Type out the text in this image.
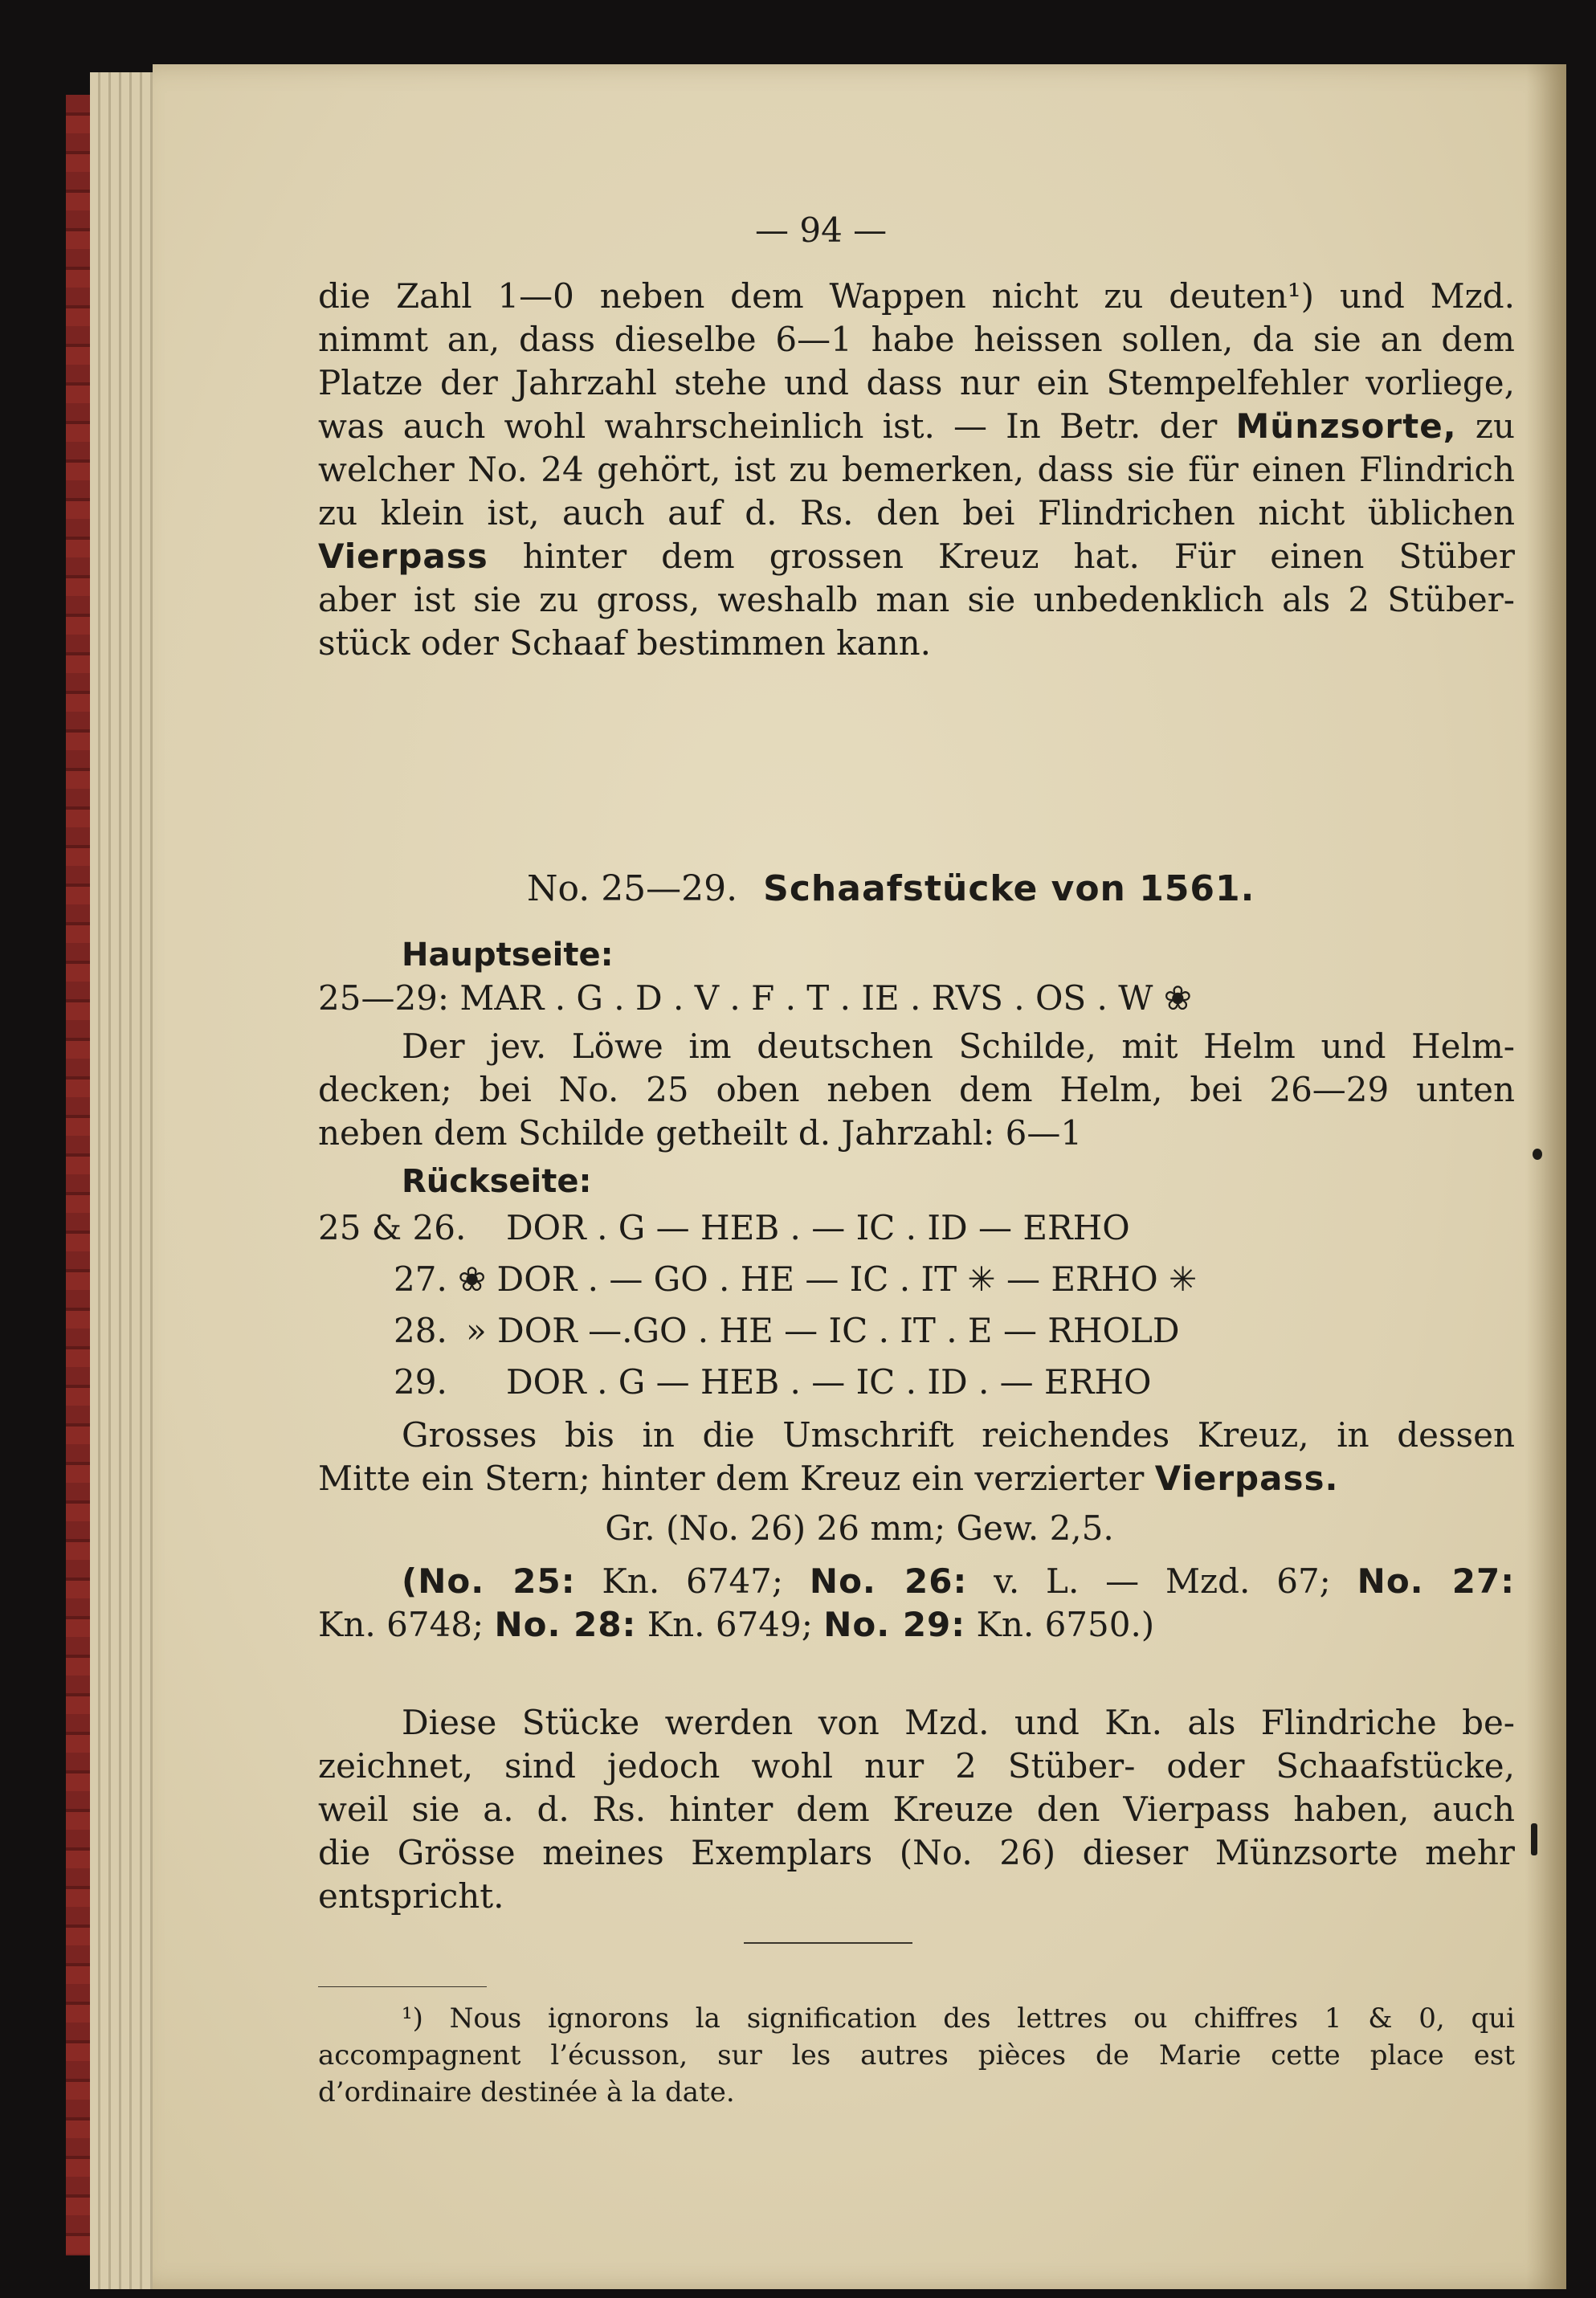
— 94 —
die Zahl 1—0 neben dem Wappen nicht zu deuten¹) und Mzd.
nimmt an, dass dieselbe 6—1 habe heissen sollen, da sie an dem
Platze der Jahrzahl stehe und dass nur ein Stempelfehler vorliege,
was auch wohl wahrscheinlich ist. — In Betr. der Münzsorte, zu
welcher No. 24 gehört, ist zu bemerken, dass sie für einen Flindrich
zu klein ist, auch auf d. Rs. den bei Flindrichen nicht üblichen
Vierpass hinter dem grossen Kreuz hat. Für einen Stüber
aber ist sie zu gross, weshalb man sie unbedenklich als 2 Stüber-
stück oder Schaaf bestimmen kann.
No. 25—29. Schaafstücke von 1561.
Hauptseite:
25—29: MAR . G . D . V . F . T . IE . RVS . OS . W ❀
Der jev. Löwe im deutschen Schilde, mit Helm und Helm-
decken; bei No. 25 oben neben dem Helm, bei 26—29 unten
neben dem Schilde getheilt d. Jahrzahl: 6—1
Rückseite:
25 & 26. DOR . G — HEB . — IC . ID — ERHO
27. ❀ DOR . — GO . HE — IC . IT ✳ — ERHO ✳
28. » DOR —.GO . HE — IC . IT . E — RHOLD
29. DOR . G — HEB . — IC . ID . — ERHO
Grosses bis in die Umschrift reichendes Kreuz, in dessen
Mitte ein Stern; hinter dem Kreuz ein verzierter Vierpass.
Gr. (No. 26) 26 mm; Gew. 2,5.
(No. 25: Kn. 6747; No. 26: v. L. — Mzd. 67; No. 27:
Kn. 6748; No. 28: Kn. 6749; No. 29: Kn. 6750.)
Diese Stücke werden von Mzd. und Kn. als Flindriche be-
zeichnet, sind jedoch wohl nur 2 Stüber- oder Schaafstücke,
weil sie a. d. Rs. hinter dem Kreuze den Vierpass haben, auch
die Grösse meines Exemplars (No. 26) dieser Münzsorte mehr
entspricht.
¹) Nous ignorons la signification des lettres ou chiffres 1 & 0, qui
accompagnent l’écusson, sur les autres pièces de Marie cette place est
d’ordinaire destinée à la date.
